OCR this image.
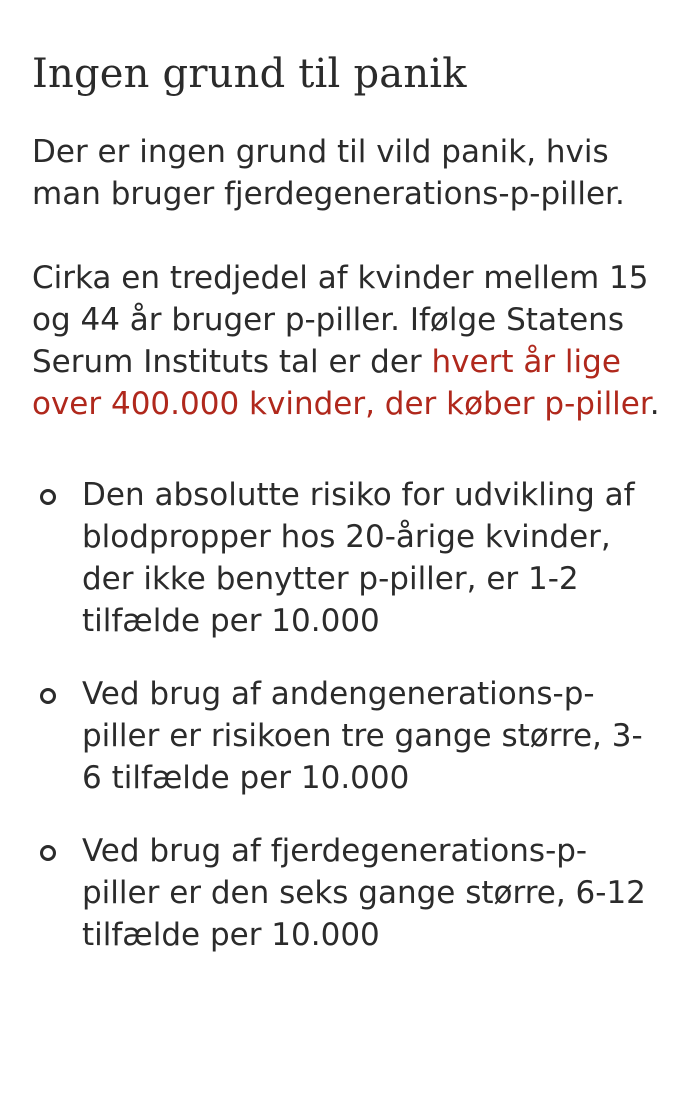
Ingen grund til panik

Der er ingen grund til vild panik, hvis man bruger fjerdegenerations-p-piller.

Cirka en tredjedel af kvinder mellem 15 og 44 år bruger p-piller. Ifølge Statens Serum Instituts tal er der hvert år lige over 400.000 kvinder, der køber p-piller.

Den absolutte risiko for udvikling af blodpropper hos 20-årige kvinder, der ikke benytter p-piller, er 1-2 tilfælde per 10.000
Ved brug af andengenerations-p-piller er risikoen tre gange større, 3-6 tilfælde per 10.000
Ved brug af fjerdegenerations-p-piller er den seks gange større, 6-12 tilfælde per 10.000
